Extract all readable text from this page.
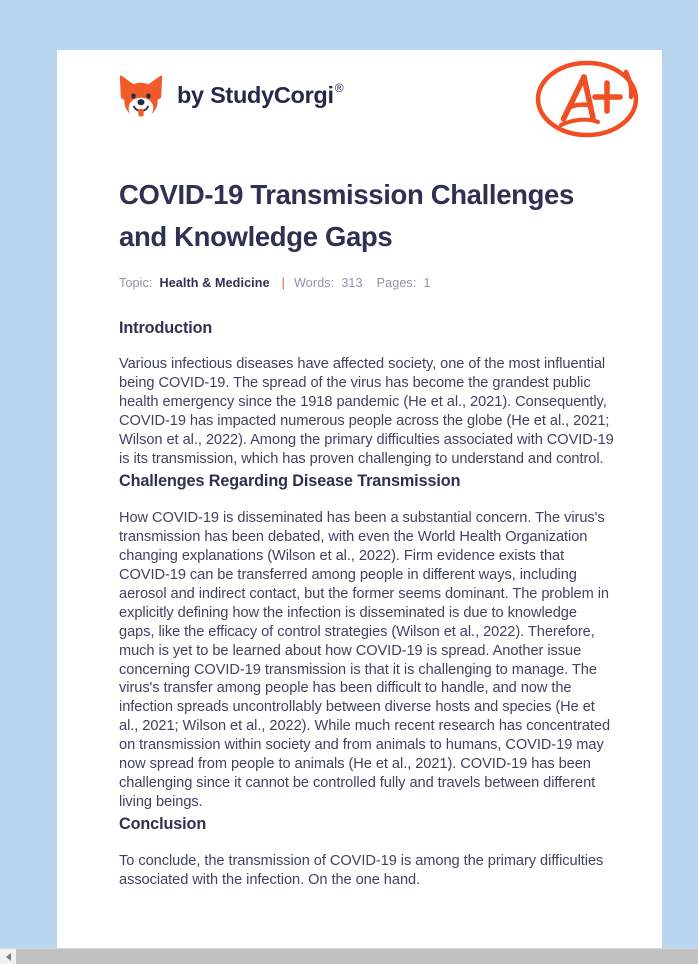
by StudyCorgi®
COVID-19 Transmission Challenges and Knowledge Gaps
Topic: Health & Medicine | Words: 313 Pages: 1
Introduction

Various infectious diseases have affected society, one of the most influential being COVID-19. The spread of the virus has become the grandest public health emergency since the 1918 pandemic (He et al., 2021). Consequently, COVID-19 has impacted numerous people across the globe (He et al., 2021; Wilson et al., 2022). Among the primary difficulties associated with COVID-19 is its transmission, which has proven challenging to understand and control.

Challenges Regarding Disease Transmission

How COVID-19 is disseminated has been a substantial concern. The virus's transmission has been debated, with even the World Health Organization changing explanations (Wilson et al., 2022). Firm evidence exists that COVID-19 can be transferred among people in different ways, including aerosol and indirect contact, but the former seems dominant. The problem in explicitly defining how the infection is disseminated is due to knowledge gaps, like the efficacy of control strategies (Wilson et al., 2022). Therefore, much is yet to be learned about how COVID-19 is spread. Another issue concerning COVID-19 transmission is that it is challenging to manage. The virus's transfer among people has been difficult to handle, and now the infection spreads uncontrollably between diverse hosts and species (He et al., 2021; Wilson et al., 2022). While much recent research has concentrated on transmission within society and from animals to humans, COVID-19 may now spread from people to animals (He et al., 2021). COVID-19 has been challenging since it cannot be controlled fully and travels between different living beings.

Conclusion

To conclude, the transmission of COVID-19 is among the primary difficulties associated with the infection. On the one hand.
